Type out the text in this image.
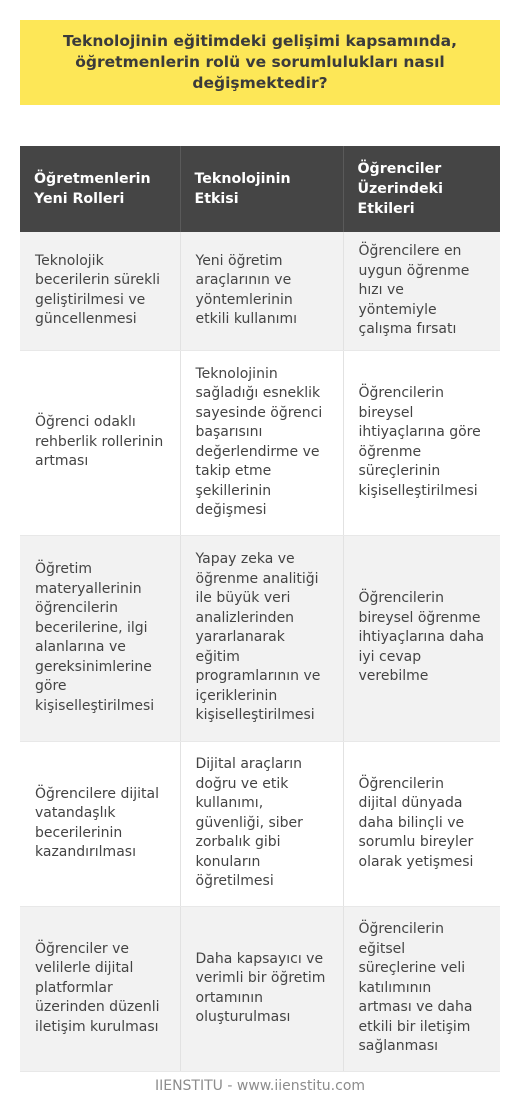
Teknolojinin eğitimdeki gelişimi kapsamında, öğretmenlerin rolü ve sorumlulukları nasıl değişmektedir?
Öğretmenlerin Yeni Rolleri	Teknolojinin Etkisi	Öğrenciler Üzerindeki Etkileri
Teknolojik becerilerin sürekli geliştirilmesi ve güncellenmesi	Yeni öğretim araçlarının ve yöntemlerinin etkili kullanımı	Öğrencilere en uygun öğrenme hızı ve yöntemiyle çalışma fırsatı
Öğrenci odaklı rehberlik rollerinin artması	Teknolojinin sağladığı esneklik sayesinde öğrenci başarısını değerlendirme ve takip etme şekillerinin değişmesi	Öğrencilerin bireysel ihtiyaçlarına göre öğrenme süreçlerinin kişiselleştirilmesi
Öğretim materyallerinin öğrencilerin becerilerine, ilgi alanlarına ve gereksinimlerine göre kişiselleştirilmesi	Yapay zeka ve öğrenme analitiği ile büyük veri analizlerinden yararlanarak eğitim programlarının ve içeriklerinin kişiselleştirilmesi	Öğrencilerin bireysel öğrenme ihtiyaçlarına daha iyi cevap verebilme
Öğrencilere dijital vatandaşlık becerilerinin kazandırılması	Dijital araçların doğru ve etik kullanımı, güvenliği, siber zorbalık gibi konuların öğretilmesi	Öğrencilerin dijital dünyada daha bilinçli ve sorumlu bireyler olarak yetişmesi
Öğrenciler ve velilerle dijital platformlar üzerinden düzenli iletişim kurulması	Daha kapsayıcı ve verimli bir öğretim ortamının oluşturulması	Öğrencilerin eğitsel süreçlerine veli katılımının artması ve daha etkili bir iletişim sağlanması
IIENSTITU - www.iienstitu.com
